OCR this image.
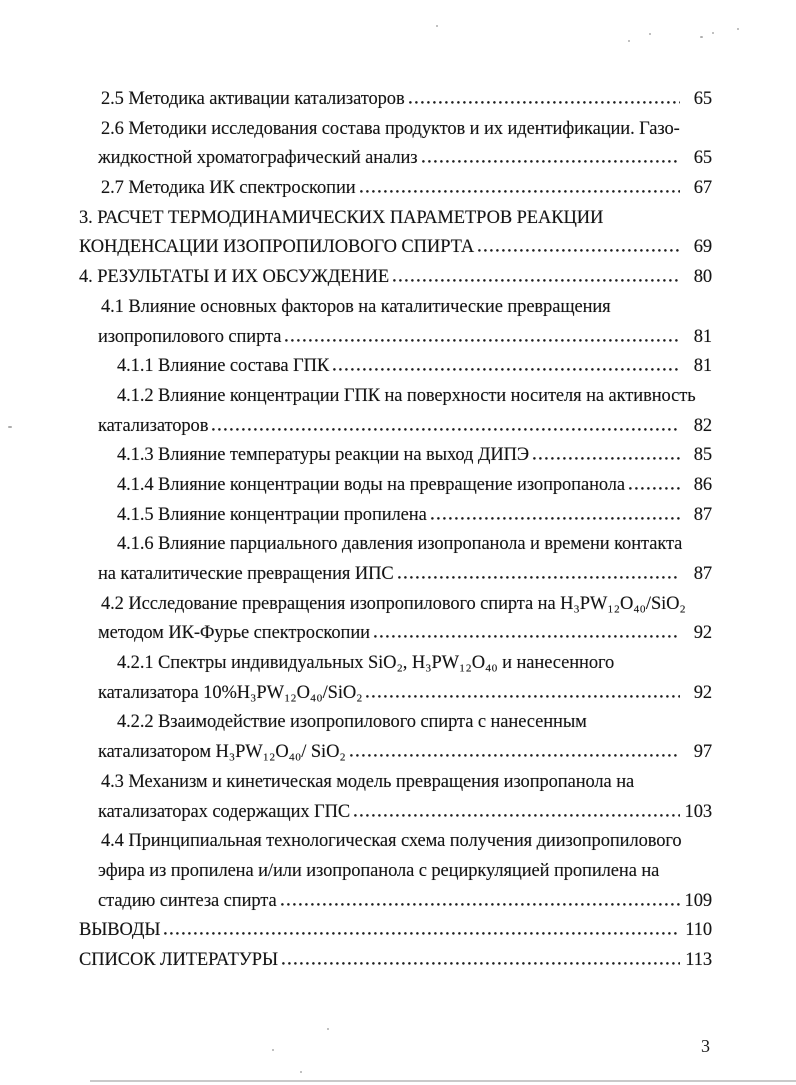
2.5 Методика активации катализаторов	65
2.6 Методики исследования состава продуктов и их идентификации. Газо-
жидкостной хроматографический анализ	65
2.7 Методика ИК спектроскопии	67
3. РАСЧЕТ ТЕРМОДИНАМИЧЕСКИХ ПАРАМЕТРОВ РЕАКЦИИ
КОНДЕНСАЦИИ ИЗОПРОПИЛОВОГО СПИРТА	69
4. РЕЗУЛЬТАТЫ И ИХ ОБСУЖДЕНИЕ	80
4.1 Влияние основных факторов на каталитические превращения
изопропилового спирта	81
4.1.1 Влияние состава ГПК	81
4.1.2 Влияние концентрации ГПК на поверхности носителя на активность
катализаторов	82
4.1.3 Влияние температуры реакции на выход ДИПЭ	85
4.1.4 Влияние концентрации воды на превращение изопропанола	86
4.1.5 Влияние концентрации пропилена	87
4.1.6 Влияние парциального давления изопропанола и времени контакта
на каталитические превращения ИПС	87
4.2 Исследование превращения изопропилового спирта на H₃PW₁₂O₄₀/SiO₂
методом ИК-Фурье спектроскопии	92
4.2.1 Спектры индивидуальных SiO₂, H₃PW₁₂O₄₀ и нанесенного
катализатора 10%H₃PW₁₂O₄₀/SiO₂	92
4.2.2 Взаимодействие изопропилового спирта с нанесенным
катализатором H₃PW₁₂O₄₀/ SiO₂	97
4.3 Механизм и кинетическая модель превращения изопропанола на
катализаторах содержащих ГПС	103
4.4 Принципиальная технологическая схема получения диизопропилового
эфира из пропилена и/или изопропанола с рециркуляцией пропилена на
стадию синтеза спирта	109
ВЫВОДЫ	110
СПИСОК ЛИТЕРАТУРЫ	113
3
